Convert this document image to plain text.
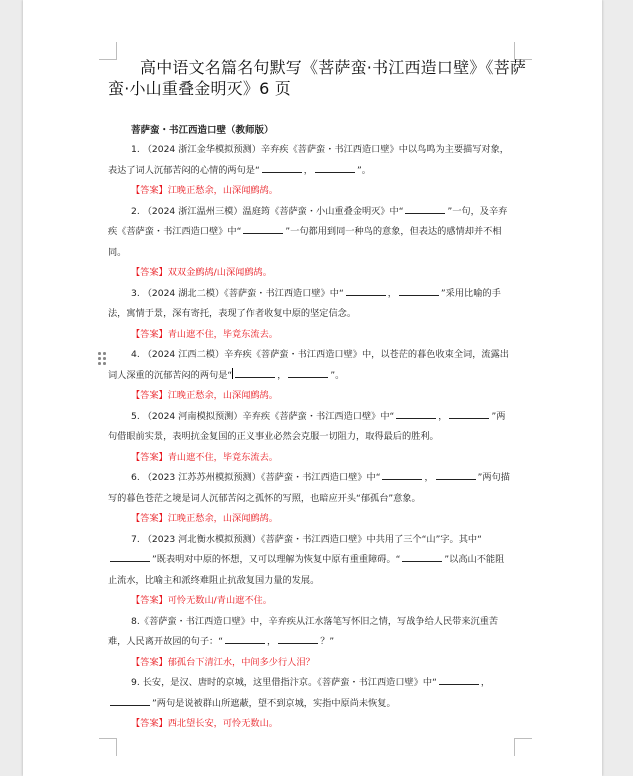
高中语文名篇名句默写《菩萨蛮·书江西造口壁》《菩萨蛮·小山重叠金明灭》6 页
菩萨蛮・书江西造口壁（教师版）

1. （2024 浙江金华模拟预测）辛弃疾《菩萨蛮・书江西造口壁》中以鸟鸣为主要描写对象，表达了词人沉郁苦闷的心情的两句是“	，	”。

【答案】江晚正愁余，山深闻鹧鸪。

2. （2024 浙江温州三模）温庭筠《菩萨蛮・小山重叠金明灭》中“	”一句，及辛弃疾《菩萨蛮・书江西造口壁》中“	”一句都用到同一种鸟的意象，但表达的感情却并不相同。

【答案】双双金鹧鸪/山深闻鹧鸪。

3. （2024 湖北二模）《菩萨蛮・书江西造口壁》中“	，	”采用比喻的手法，寓情于景，深有寄托，表现了作者收复中原的坚定信念。

【答案】青山遮不住，毕竟东流去。

4. （2024 江西二模）辛弃疾《菩萨蛮・书江西造口壁》中，以苍茫的暮色收束全词，流露出词人深重的沉郁苦闷的两句是“	，	”。

【答案】江晚正愁余，山深闻鹧鸪。

5. （2024 河南模拟预测）辛弃疾《菩萨蛮・书江西造口壁》中“	，	”两句借眼前实景，表明抗金复国的正义事业必然会克服一切阻力，取得最后的胜利。

【答案】青山遮不住，毕竟东流去。

6. （2023 江苏苏州模拟预测）《菩萨蛮・书江西造口壁》中“	，	”两句描写的暮色苍茫之境是词人沉郁苦闷之孤怀的写照，也暗应开头“郁孤台”意象。

【答案】江晚正愁余，山深闻鹧鸪。

7. （2023 河北衡水模拟预测）《菩萨蛮・书江西造口壁》中共用了三个“山”字。其中“”既表明对中原的怀想，又可以理解为恢复中原有重重障碍。“	”以高山不能阻止流水，比喻主和派终难阻止抗敌复国力量的发展。

【答案】可怜无数山/青山遮不住。

8.《菩萨蛮・书江西造口壁》中，辛弃疾从江水落笔写怀旧之情，写战争给人民带来沉重苦难，人民离开故园的句子：“	，	？”

【答案】郁孤台下清江水，中间多少行人泪？

9. 长安，是汉、唐时的京城，这里借指汴京。《菩萨蛮・书江西造口壁》中“	，”两句是说被群山所遮蔽，望不到京城，实指中原尚未恢复。

【答案】西北望长安，可怜无数山。
